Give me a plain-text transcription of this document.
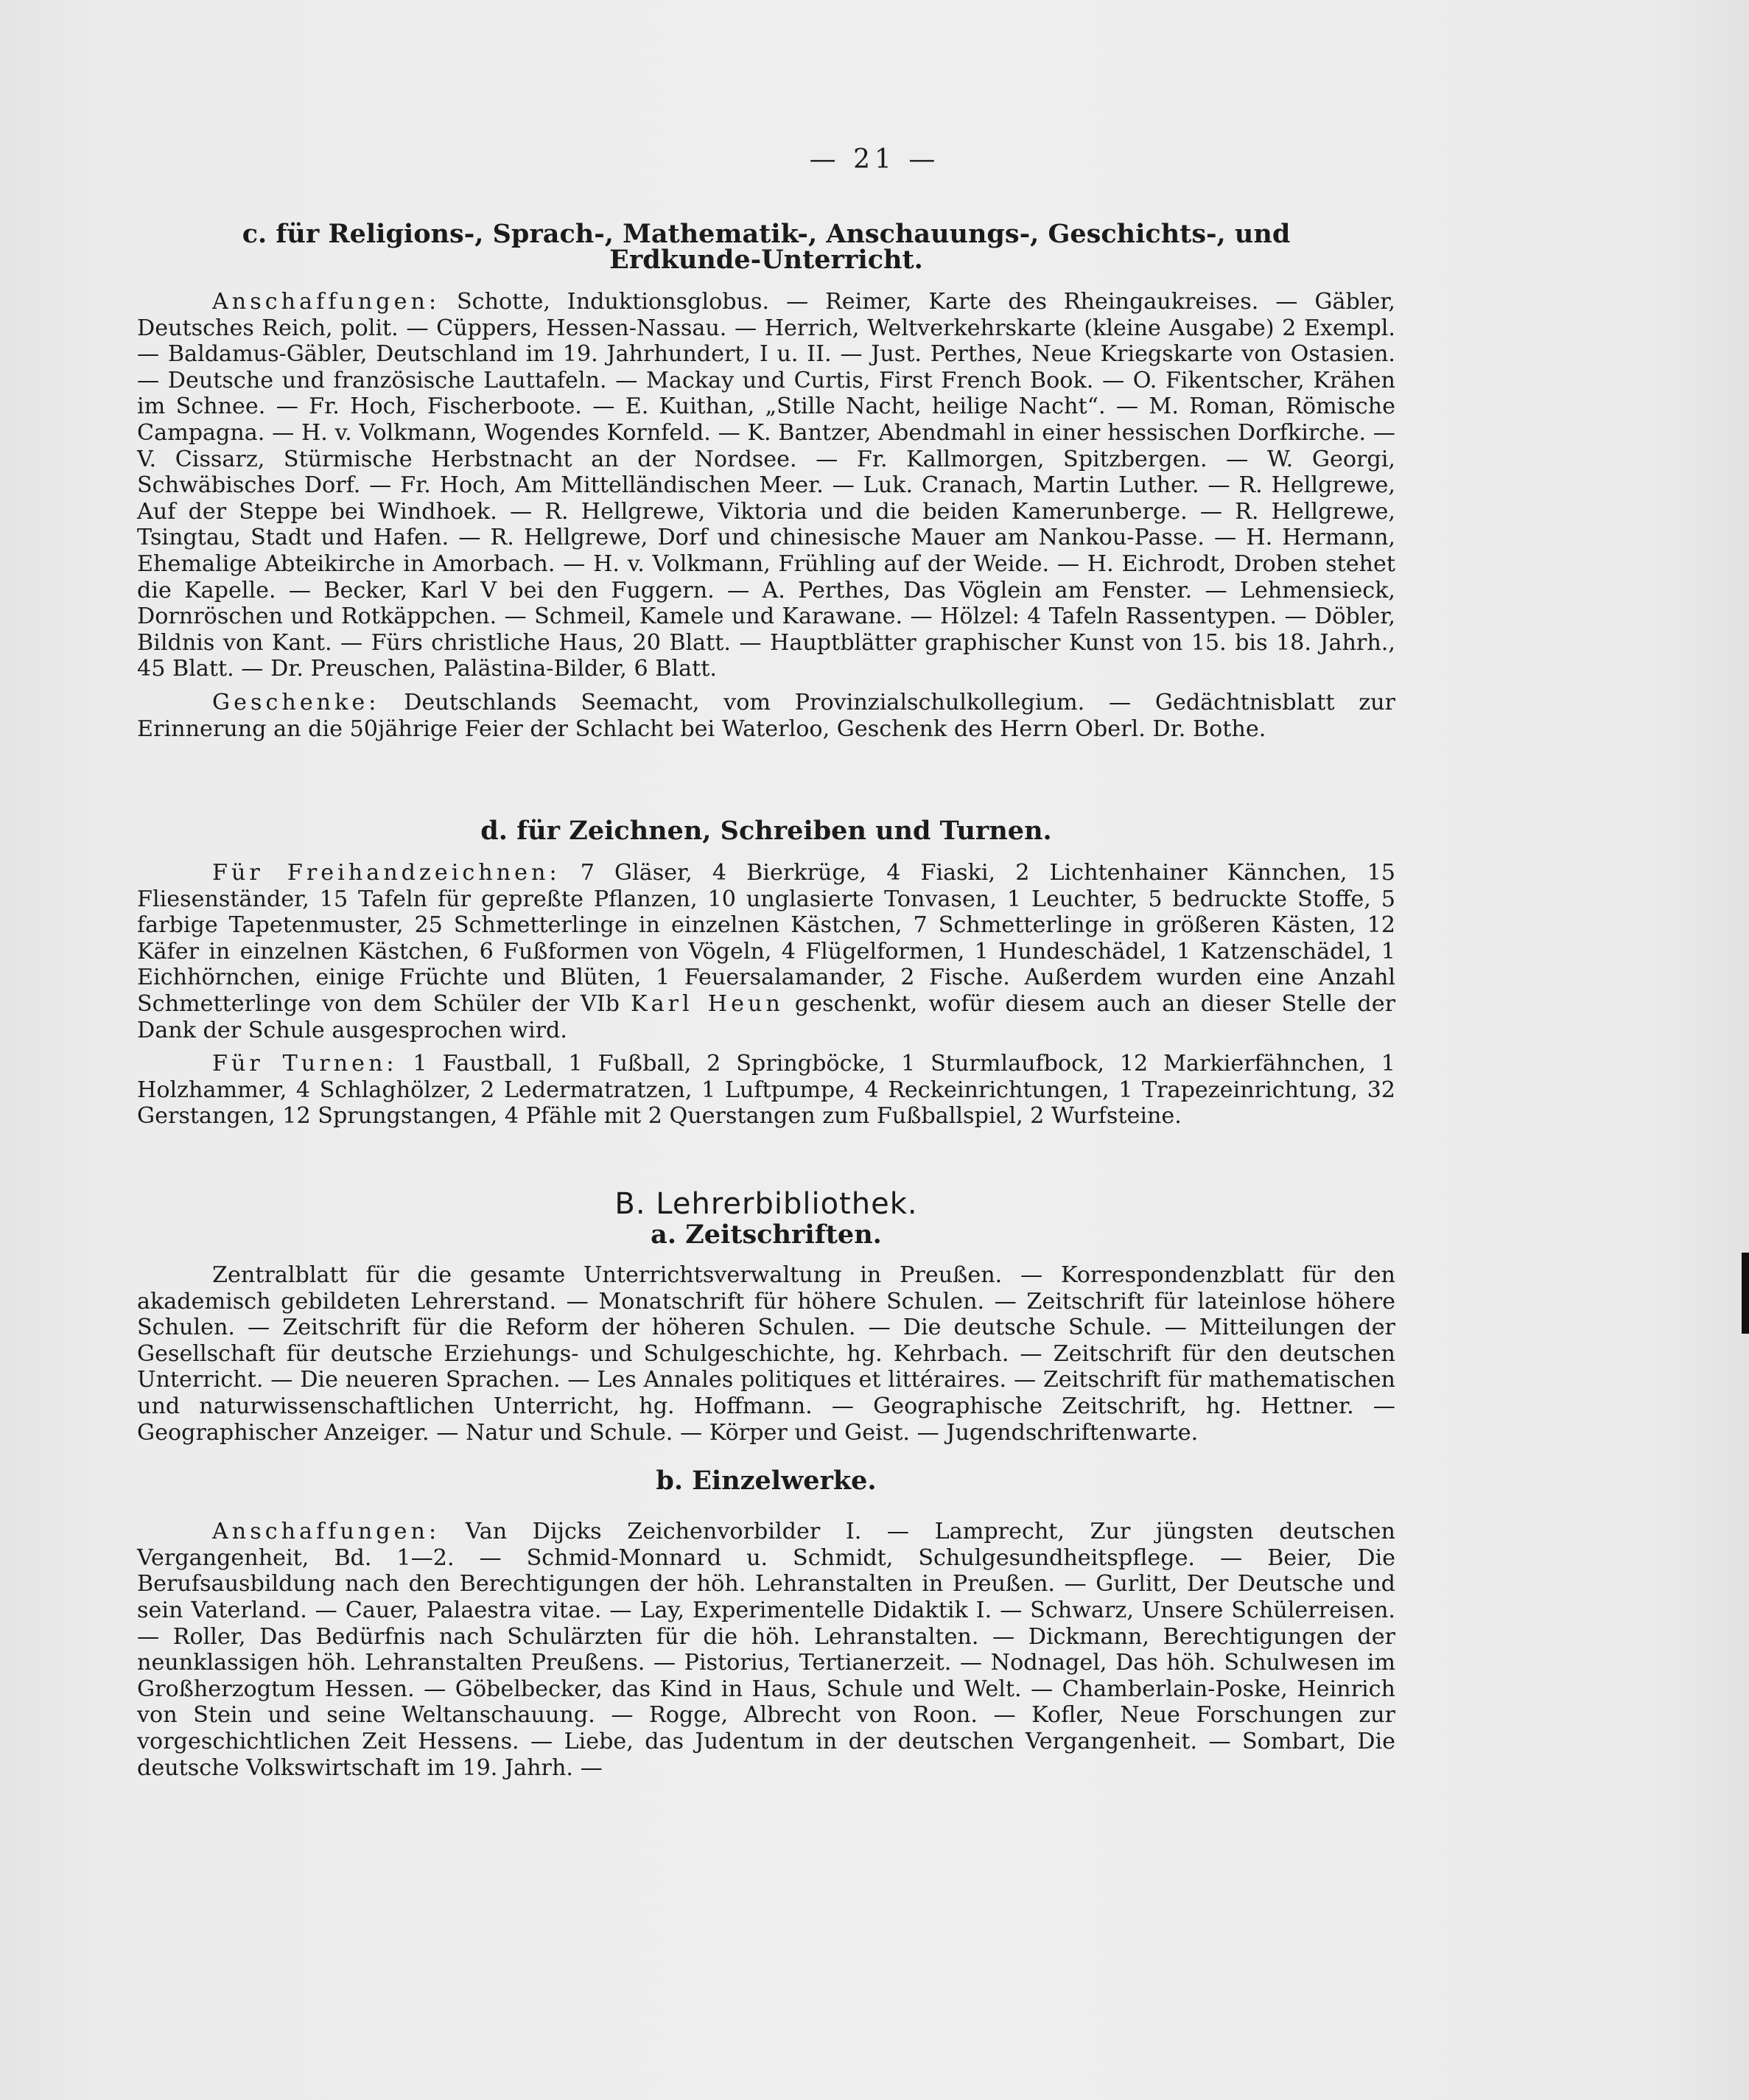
— 21 —
c. für Religions-, Sprach-, Mathematik-, Anschauungs-, Geschichts-, und
Erdkunde-Unterricht.

Anschaffungen: Schotte, Induktionsglobus. — Reimer, Karte des Rheingaukreises. — Gäbler, Deutsches Reich, polit. — Cüppers, Hessen-Nassau. — Herrich, Weltverkehrskarte (kleine Ausgabe) 2 Exempl. — Baldamus-Gäbler, Deutschland im 19. Jahrhundert, I u. II. — Just. Perthes, Neue Kriegskarte von Ostasien. — Deutsche und französische Lauttafeln. — Mackay und Curtis, First French Book. — O. Fikentscher, Krähen im Schnee. — Fr. Hoch, Fischerboote. — E. Kuithan, „Stille Nacht, heilige Nacht“. — M. Roman, Römische Campagna. — H. v. Volkmann, Wogendes Kornfeld. — K. Bantzer, Abendmahl in einer hessischen Dorfkirche. — V. Cissarz, Stürmische Herbstnacht an der Nordsee. — Fr. Kallmorgen, Spitzbergen. — W. Georgi, Schwäbisches Dorf. — Fr. Hoch, Am Mittelländischen Meer. — Luk. Cranach, Martin Luther. — R. Hellgrewe, Auf der Steppe bei Windhoek. — R. Hellgrewe, Viktoria und die beiden Kamerunberge. — R. Hellgrewe, Tsingtau, Stadt und Hafen. — R. Hellgrewe, Dorf und chinesische Mauer am Nankou-Passe. — H. Hermann, Ehemalige Abteikirche in Amorbach. — H. v. Volkmann, Frühling auf der Weide. — H. Eichrodt, Droben stehet die Kapelle. — Becker, Karl V bei den Fuggern. — A. Perthes, Das Vöglein am Fenster. — Lehmensieck, Dornröschen und Rotkäppchen. — Schmeil, Kamele und Karawane. — Hölzel: 4 Tafeln Rassentypen. — Döbler, Bildnis von Kant. — Fürs christliche Haus, 20 Blatt. — Hauptblätter graphischer Kunst von 15. bis 18. Jahrh., 45 Blatt. — Dr. Preuschen, Palästina-Bilder, 6 Blatt.

Geschenke: Deutschlands Seemacht, vom Provinzialschulkollegium. — Gedächtnisblatt zur Erinnerung an die 50jährige Feier der Schlacht bei Waterloo, Geschenk des Herrn Oberl. Dr. Bothe.

d. für Zeichnen, Schreiben und Turnen.

Für Freihandzeichnen: 7 Gläser, 4 Bierkrüge, 4 Fiaski, 2 Lichtenhainer Kännchen, 15 Fliesenständer, 15 Tafeln für gepreßte Pflanzen, 10 unglasierte Tonvasen, 1 Leuchter, 5 bedruckte Stoffe, 5 farbige Tapetenmuster, 25 Schmetterlinge in einzelnen Kästchen, 7 Schmetterlinge in größeren Kästen, 12 Käfer in einzelnen Kästchen, 6 Fußformen von Vögeln, 4 Flügelformen, 1 Hundeschädel, 1 Katzenschädel, 1 Eichhörnchen, einige Früchte und Blüten, 1 Feuersalamander, 2 Fische. Außerdem wurden eine Anzahl Schmetterlinge von dem Schüler der VIb Karl Heun geschenkt, wofür diesem auch an dieser Stelle der Dank der Schule ausgesprochen wird.

Für Turnen: 1 Faustball, 1 Fußball, 2 Springböcke, 1 Sturmlaufbock, 12 Markierfähnchen, 1 Holzhammer, 4 Schlaghölzer, 2 Ledermatratzen, 1 Luftpumpe, 4 Reckeinrichtungen, 1 Trapezeinrichtung, 32 Gerstangen, 12 Sprungstangen, 4 Pfähle mit 2 Querstangen zum Fußballspiel, 2 Wurfsteine.

B. Lehrerbibliothek.
a. Zeitschriften.

Zentralblatt für die gesamte Unterrichtsverwaltung in Preußen. — Korrespondenzblatt für den akademisch gebildeten Lehrerstand. — Monatschrift für höhere Schulen. — Zeitschrift für lateinlose höhere Schulen. — Zeitschrift für die Reform der höheren Schulen. — Die deutsche Schule. — Mitteilungen der Gesellschaft für deutsche Erziehungs- und Schulgeschichte, hg. Kehrbach. — Zeitschrift für den deutschen Unterricht. — Die neueren Sprachen. — Les Annales politiques et littéraires. — Zeitschrift für mathematischen und naturwissenschaftlichen Unterricht, hg. Hoffmann. — Geographische Zeitschrift, hg. Hettner. — Geographischer Anzeiger. — Natur und Schule. — Körper und Geist. — Jugendschriftenwarte.

b. Einzelwerke.

Anschaffungen: Van Dijcks Zeichenvorbilder I. — Lamprecht, Zur jüngsten deutschen Vergangenheit, Bd. 1—2. — Schmid-Monnard u. Schmidt, Schulgesundheitspflege. — Beier, Die Berufsausbildung nach den Berechtigungen der höh. Lehranstalten in Preußen. — Gurlitt, Der Deutsche und sein Vaterland. — Cauer, Palaestra vitae. — Lay, Experimentelle Didaktik I. — Schwarz, Unsere Schülerreisen. — Roller, Das Bedürfnis nach Schulärzten für die höh. Lehranstalten. — Dickmann, Berechtigungen der neunklassigen höh. Lehranstalten Preußens. — Pistorius, Tertianerzeit. — Nodnagel, Das höh. Schulwesen im Großherzogtum Hessen. — Göbelbecker, das Kind in Haus, Schule und Welt. — Chamberlain-Poske, Heinrich von Stein und seine Weltanschauung. — Rogge, Albrecht von Roon. — Kofler, Neue Forschungen zur vorgeschichtlichen Zeit Hessens. — Liebe, das Judentum in der deutschen Vergangenheit. — Sombart, Die deutsche Volkswirtschaft im 19. Jahrh. —
